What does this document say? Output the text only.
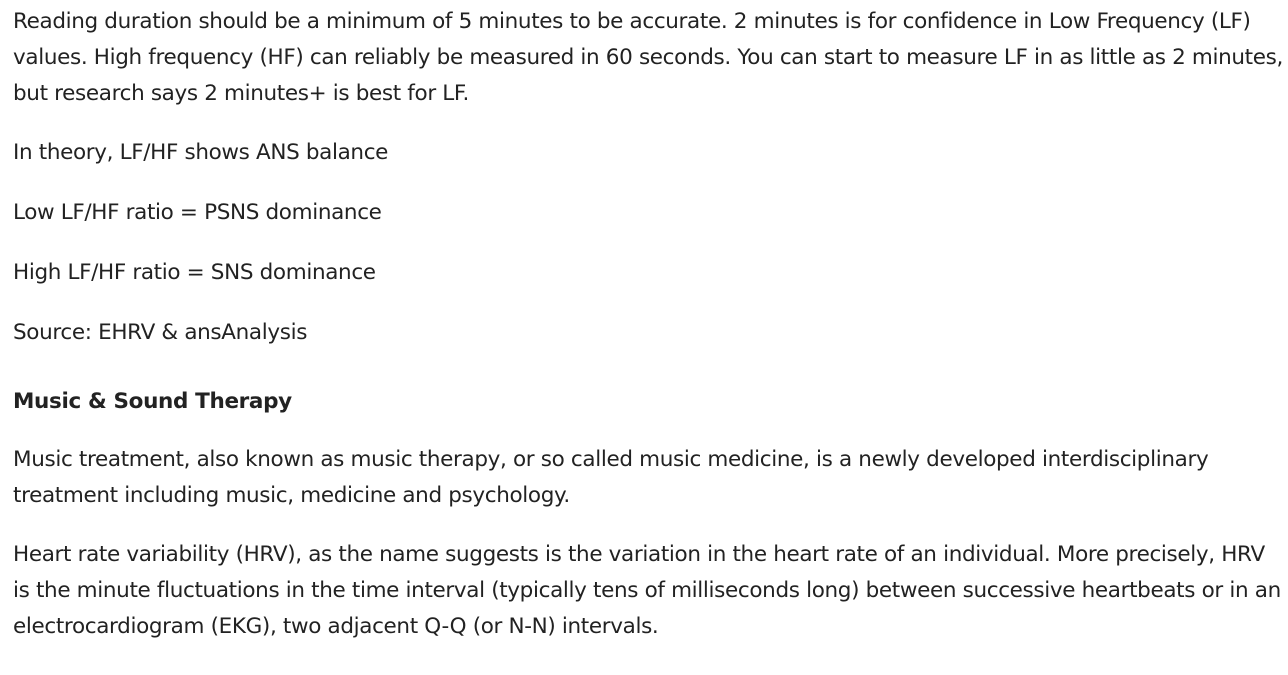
Reading duration should be a minimum of 5 minutes to be accurate. 2 minutes is for confidence in Low Frequency (LF) values. High frequency (HF) can reliably be measured in 60 seconds. You can start to measure LF in as little as 2 minutes, but research says 2 minutes+ is best for LF.

In theory, LF/HF shows ANS balance

Low LF/HF ratio = PSNS dominance

High LF/HF ratio = SNS dominance

Source: EHRV & ansAnalysis

Music & Sound Therapy

Music treatment, also known as music therapy, or so called music medicine, is a newly developed interdisciplinary treatment including music, medicine and psychology.

Heart rate variability (HRV), as the name suggests is the variation in the heart rate of an individual. More precisely, HRV is the minute fluctuations in the time interval (typically tens of milliseconds long) between successive heartbeats or in an electrocardiogram (EKG), two adjacent Q-Q (or N-N) intervals.
